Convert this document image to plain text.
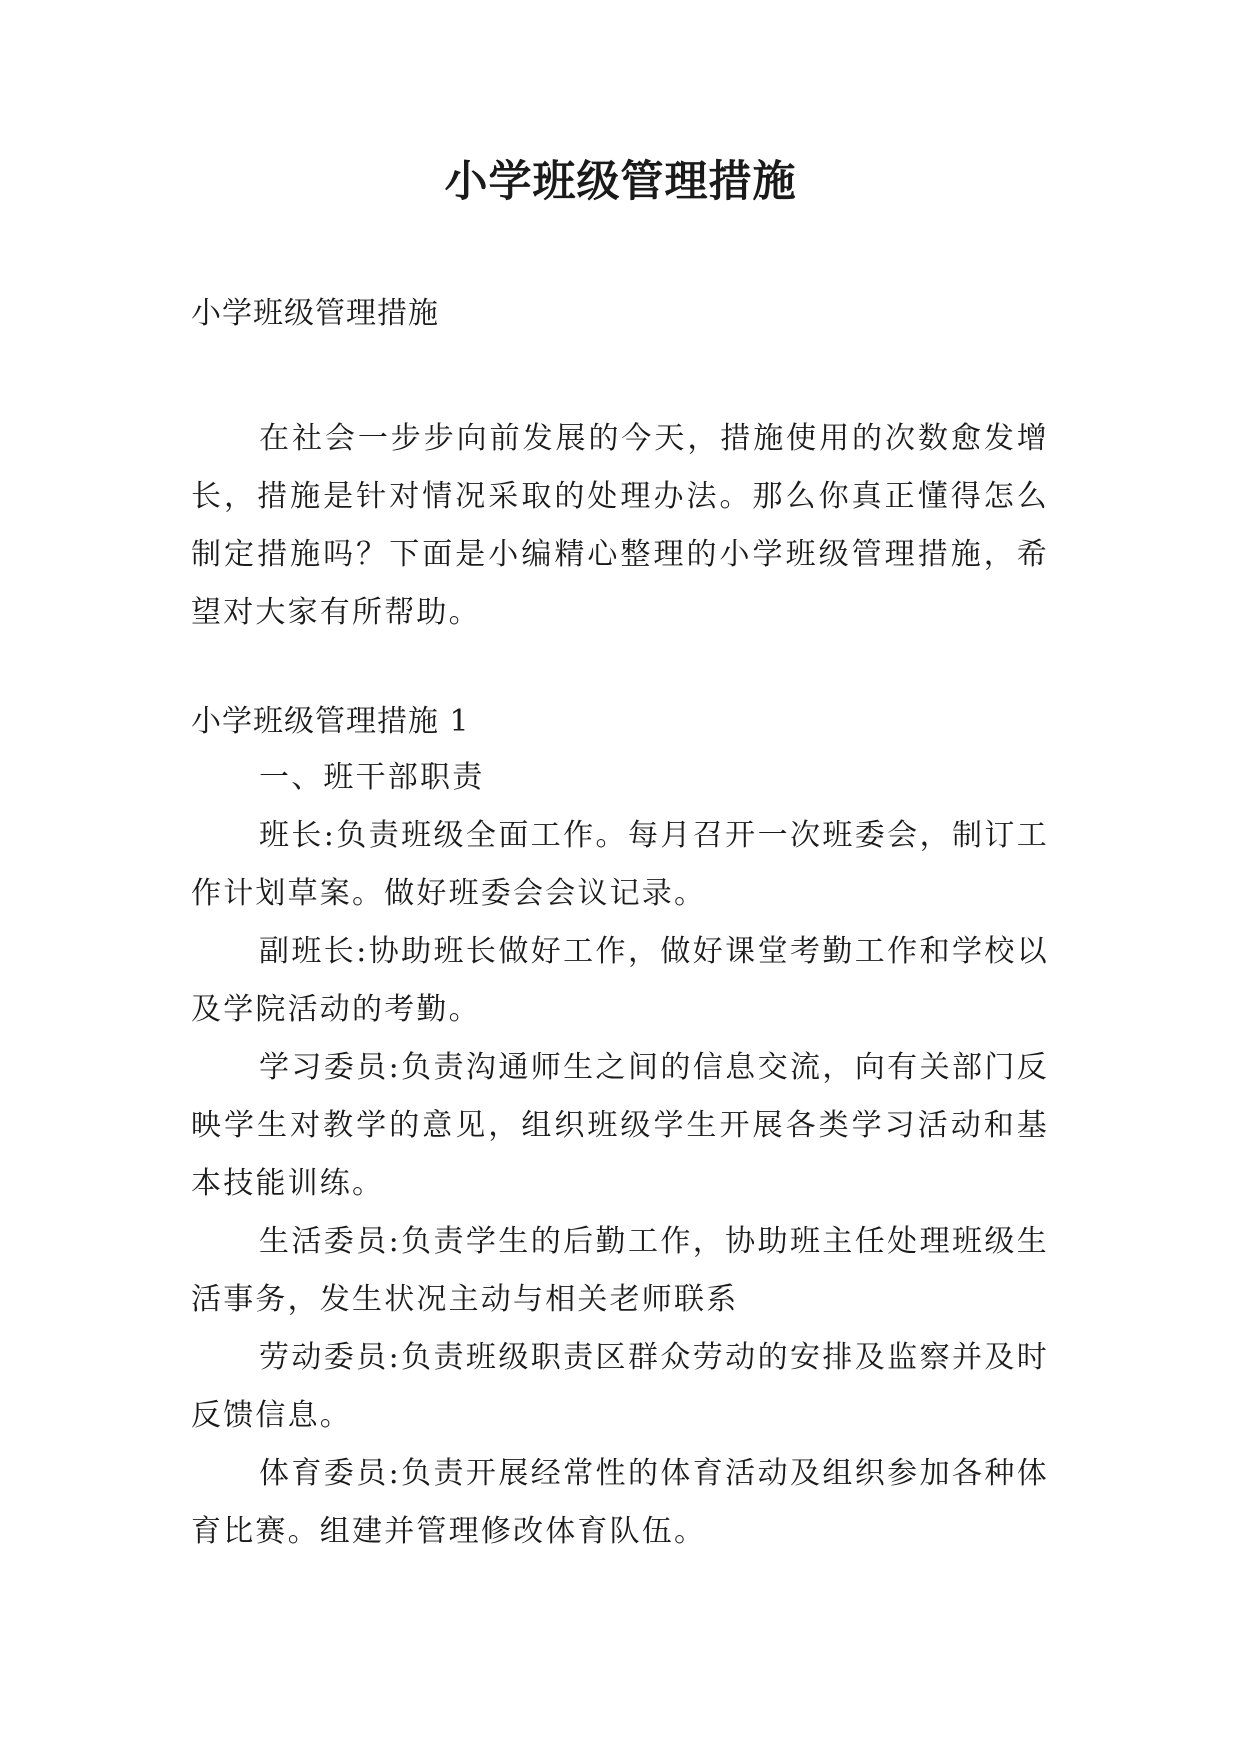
小学班级管理措施
小学班级管理措施

在社会一步步向前发展的今天，措施使用的次数愈发增长，措施是针对情况采取的处理办法。那么你真正懂得怎么制定措施吗？下面是小编精心整理的小学班级管理措施，希望对大家有所帮助。

小学班级管理措施 1

一、班干部职责

班长:负责班级全面工作。每月召开一次班委会，制订工作计划草案。做好班委会会议记录。

副班长:协助班长做好工作，做好课堂考勤工作和学校以及学院活动的考勤。

学习委员:负责沟通师生之间的信息交流，向有关部门反映学生对教学的意见，组织班级学生开展各类学习活动和基本技能训练。

生活委员:负责学生的后勤工作，协助班主任处理班级生活事务，发生状况主动与相关老师联系

劳动委员:负责班级职责区群众劳动的安排及监察并及时反馈信息。

体育委员:负责开展经常性的体育活动及组织参加各种体育比赛。组建并管理修改体育队伍。
